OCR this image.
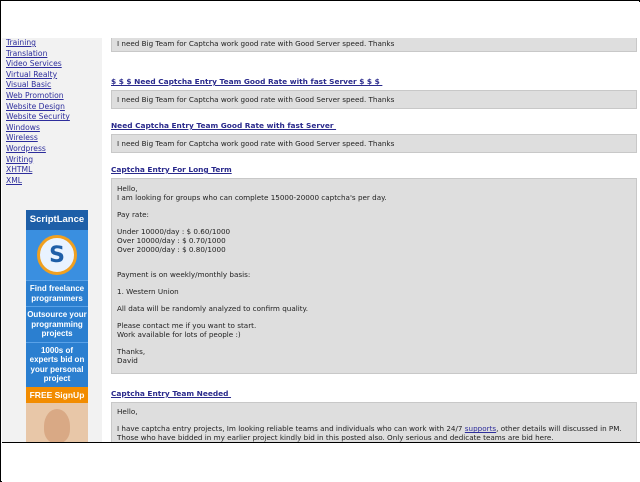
Training
Translation
Video Services
Virtual Realty
Visual Basic
Web Promotion
Website Design
Website Security
Windows
Wireless
Wordpress
Writing
XHTML
XML
ScriptLance
S
Find freelance programmers
Outsource your programming projects
1000s of experts bid on your personal project
FREE SignUp

I need Big Team for Captcha work good rate with Good Server speed. Thanks

$ $ $ Need Captcha Entry Team Good Rate with fast Server $ $ $

I need Big Team for Captcha work good rate with Good Server speed. Thanks

Need Captcha Entry Team Good Rate with fast Server

I need Big Team for Captcha work good rate with Good Server speed. Thanks

Captcha Entry For Long Term

Hello,

I am looking for groups who can complete 15000-20000 captcha's per day.

Pay rate:

Under 10000/day : $ 0.60/1000

Over 10000/day : $ 0.70/1000

Over 20000/day : $ 0.80/1000

Payment is on weekly/monthly basis:

1. Western Union

All data will be randomly analyzed to confirm quality.

Please contact me if you want to start.

Work available for lots of people :)

Thanks,

David

Captcha Entry Team Needed

Hello,

I have captcha entry projects, Im looking reliable teams and individuals who can work with 24/7 supports, other details will discussed in PM. Those who have bidded in my earlier project kindly bid in this posted also. Only serious and dedicate teams are bid here.
